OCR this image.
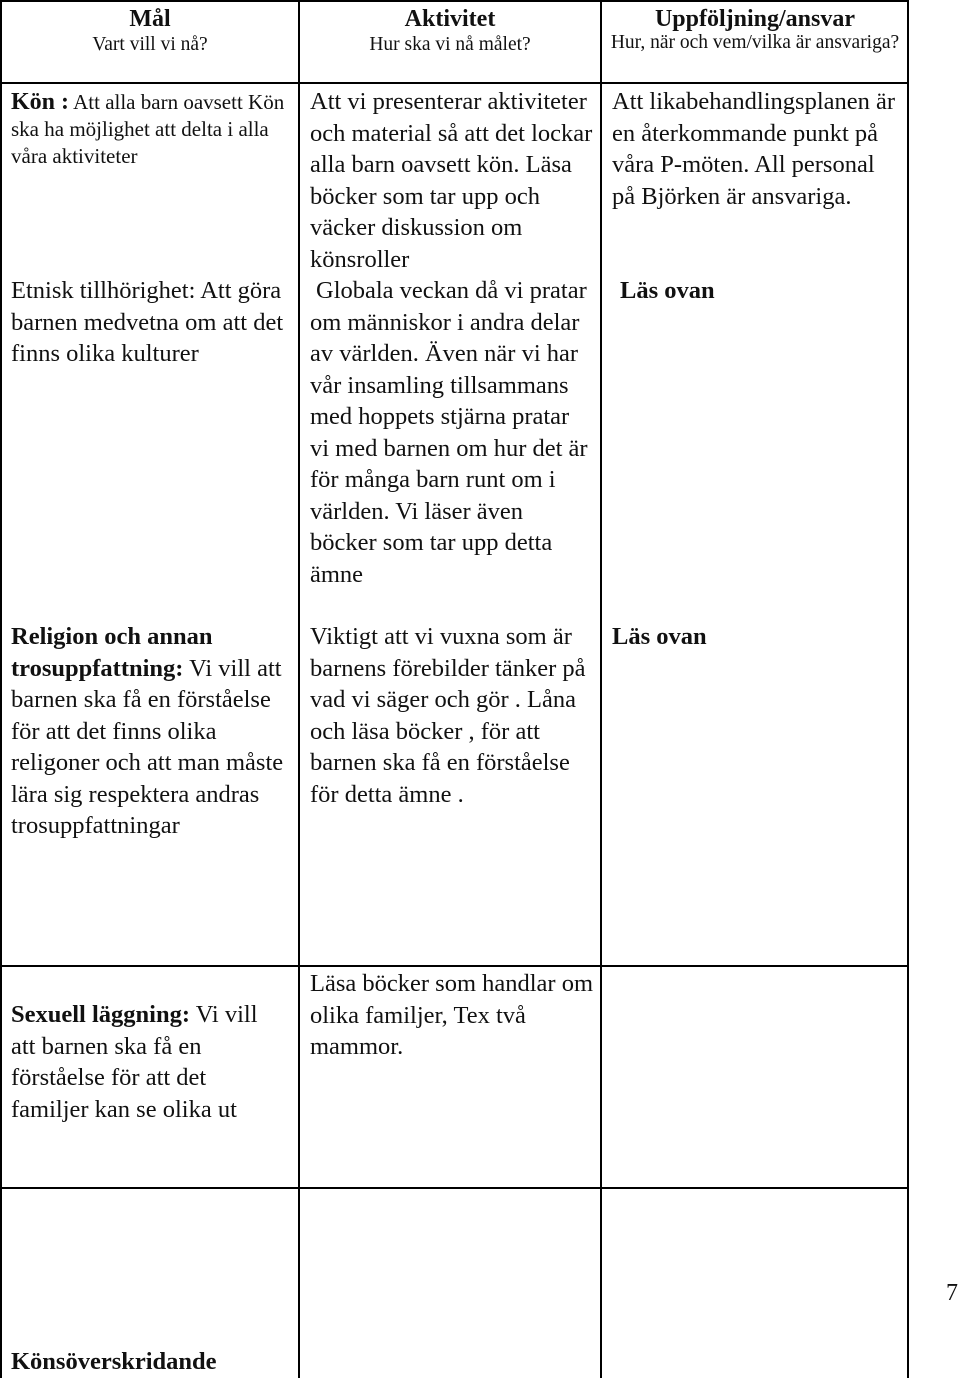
Mål
Vart vill vi nå?
Aktivitet
Hur ska vi nå målet?
Uppföljning/ansvar
Hur, när och vem/vilka är ansvariga?
Kön : Att alla barn oavsett Kön ska ha möjlighet att delta i alla våra aktiviteter
Att vi presenterar aktiviteter och material så att det lockar alla barn oavsett kön. Läsa böcker som tar upp och väcker diskussion om könsroller
Att likabehandlingsplanen är en återkommande punkt på våra P-möten. All personal på Björken är ansvariga.
Etnisk tillhörighet: Att göra barnen medvetna om att det finns olika kulturer
Globala veckan då vi pratar om människor i andra delar av världen. Även när vi har vår insamling tillsammans med hoppets stjärna pratar vi med barnen om hur det är för många barn runt om i världen. Vi läser även böcker som tar upp detta ämne
Läs ovan
Religion och annan trosuppfattning: Vi vill att barnen ska få en förståelse för att det finns olika religoner och att man måste lära sig respektera andras trosuppfattningar
Viktigt att vi vuxna som är barnens förebilder tänker på vad vi säger och gör . Låna och läsa böcker , för att barnen ska få en förståelse för detta ämne .
Läs ovan
Sexuell läggning: Vi vill att barnen ska få en förståelse för att det familjer kan se olika ut
Läsa böcker som handlar om olika familjer, Tex två mammor.
Könsöverskridande
7
